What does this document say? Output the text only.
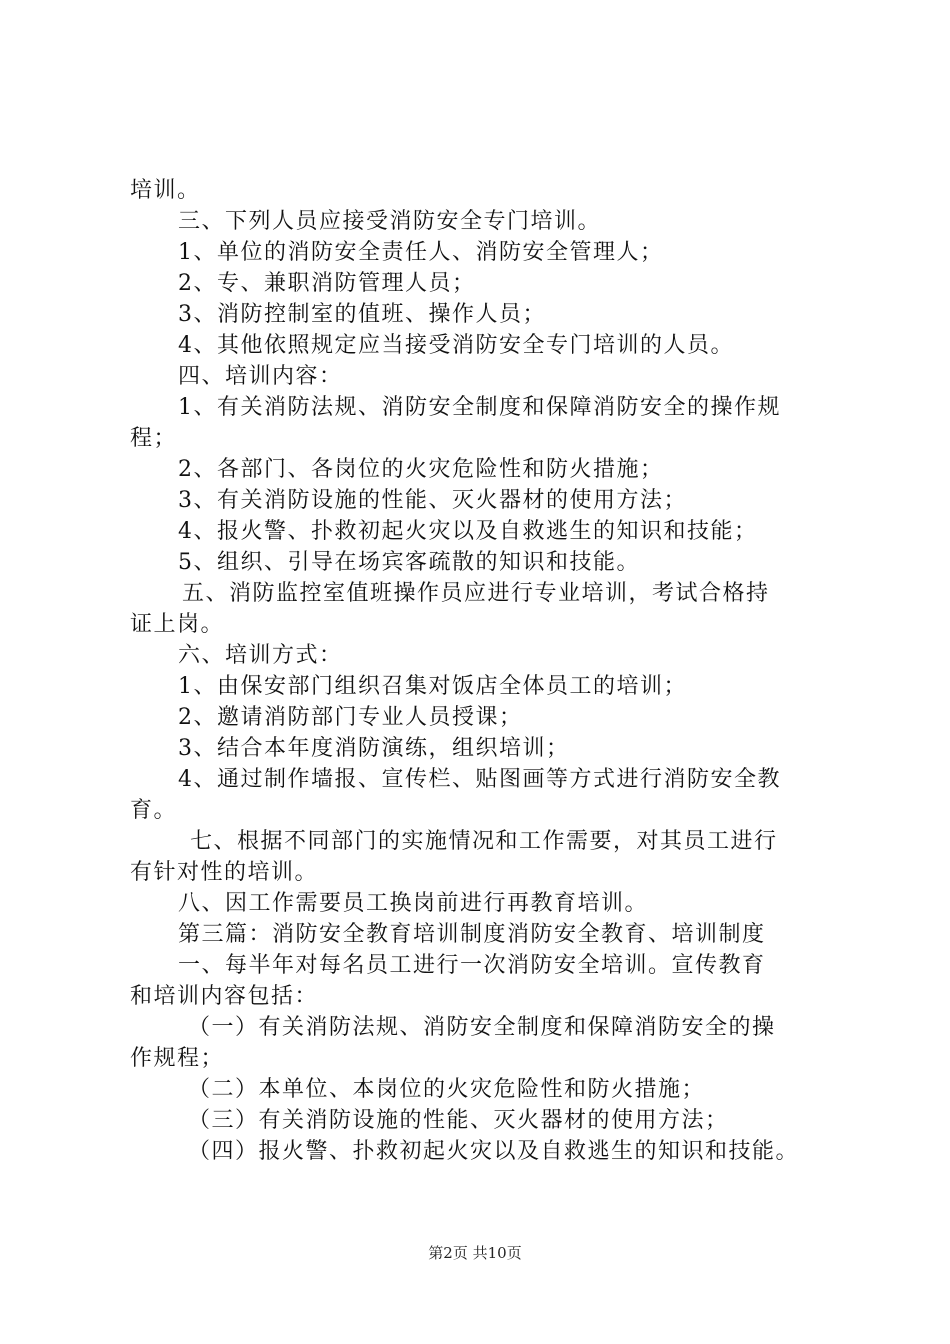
培训。
三、下列人员应接受消防安全专门培训。
1、单位的消防安全责任人、消防安全管理人；
2、专、兼职消防管理人员；
3、消防控制室的值班、操作人员；
4、其他依照规定应当接受消防安全专门培训的人员。
四、培训内容：
1、有关消防法规、消防安全制度和保障消防安全的操作规
程；
2、各部门、各岗位的火灾危险性和防火措施；
3、有关消防设施的性能、灭火器材的使用方法；
4、报火警、扑救初起火灾以及自救逃生的知识和技能；
5、组织、引导在场宾客疏散的知识和技能。
五、消防监控室值班操作员应进行专业培训，考试合格持
证上岗。
六、培训方式：
1、由保安部门组织召集对饭店全体员工的培训；
2、邀请消防部门专业人员授课；
3、结合本年度消防演练，组织培训；
4、通过制作墙报、宣传栏、贴图画等方式进行消防安全教
育。
七、根据不同部门的实施情况和工作需要，对其员工进行
有针对性的培训。
八、因工作需要员工换岗前进行再教育培训。
第三篇：消防安全教育培训制度消防安全教育、培训制度
一、每半年对每名员工进行一次消防安全培训。宣传教育
和培训内容包括：
（一）有关消防法规、消防安全制度和保障消防安全的操
作规程；
（二）本单位、本岗位的火灾危险性和防火措施；
（三）有关消防设施的性能、灭火器材的使用方法；
（四）报火警、扑救初起火灾以及自救逃生的知识和技能。
第2页 共10页
